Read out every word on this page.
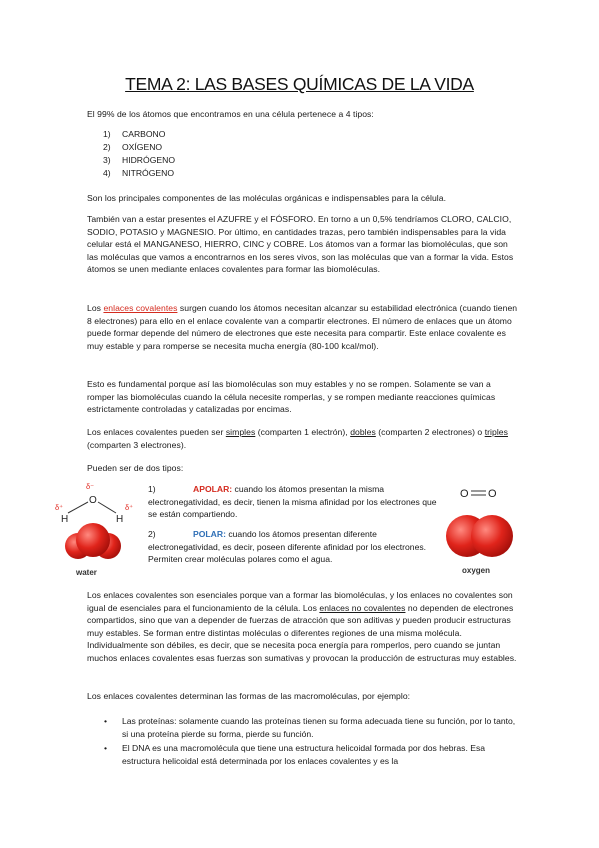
TEMA 2: LAS BASES QUÍMICAS DE LA VIDA
El 99% de los átomos que encontramos en una célula pertenece a 4 tipos:
1) CARBONO
2) OXÍGENO
3) HIDRÓGENO
4) NITRÓGENO
Son los principales componentes de las moléculas orgánicas e indispensables para la célula.
También van a estar presentes el AZUFRE y el FÓSFORO. En torno a un 0,5% tendríamos CLORO, CALCIO, SODIO, POTASIO y MAGNESIO. Por último, en cantidades trazas, pero también indispensables para la vida celular está el MANGANESO, HIERRO, CINC y COBRE. Los átomos van a formar las biomoléculas, que son las moléculas que vamos a encontrarnos en los seres vivos, son las moléculas que van a formar la vida. Estos átomos se unen mediante enlaces covalentes para formar las biomoléculas.
Los enlaces covalentes surgen cuando los átomos necesitan alcanzar su estabilidad electrónica (cuando tienen 8 electrones) para ello en el enlace covalente van a compartir electrones. El número de enlaces que un átomo puede formar depende del número de electrones que este necesita para compartir. Este enlace covalente es muy estable y para romperse se necesita mucha energía (80-100 kcal/mol).
Esto es fundamental porque así las biomoléculas son muy estables y no se rompen. Solamente se van a romper las biomoléculas cuando la célula necesite romperlas, y se rompen mediante reacciones químicas estrictamente controladas y catalizadas por encimas.
Los enlaces covalentes pueden ser simples (comparten 1 electrón), dobles (comparten 2 electrones) o triples (comparten 3 electrones).
Pueden ser de dos tipos:
1)	APOLAR: cuando los átomos presentan la misma electronegatividad, es decir, tienen la misma afinidad por los electrones que se están compartiendo.
2)	POLAR: cuando los átomos presentan diferente electronegatividad, es decir, poseen diferente afinidad por los electrones. Permiten crear moléculas polares como el agua.
δ⁻
O
δ⁺	δ⁺
H	H
water
O O
oxygen
Los enlaces covalentes son esenciales porque van a formar las biomoléculas, y los enlaces no covalentes son igual de esenciales para el funcionamiento de la célula. Los enlaces no covalentes no dependen de electrones compartidos, sino que van a depender de fuerzas de atracción que son aditivas y pueden producir estructuras muy estables. Se forman entre distintas moléculas o diferentes regiones de una misma molécula. Individualmente son débiles, es decir, que se necesita poca energía para romperlos, pero cuando se juntan muchos enlaces covalentes esas fuerzas son sumativas y provocan la producción de estructuras muy estables.
Los enlaces covalentes determinan las formas de las macromoléculas, por ejemplo:
• Las proteínas: solamente cuando las proteínas tienen su forma adecuada tiene su función, por lo tanto, si una proteína pierde su forma, pierde su función.
• El DNA es una macromolécula que tiene una estructura helicoidal formada por dos hebras. Esa estructura helicoidal está determinada por los enlaces covalentes y es la
